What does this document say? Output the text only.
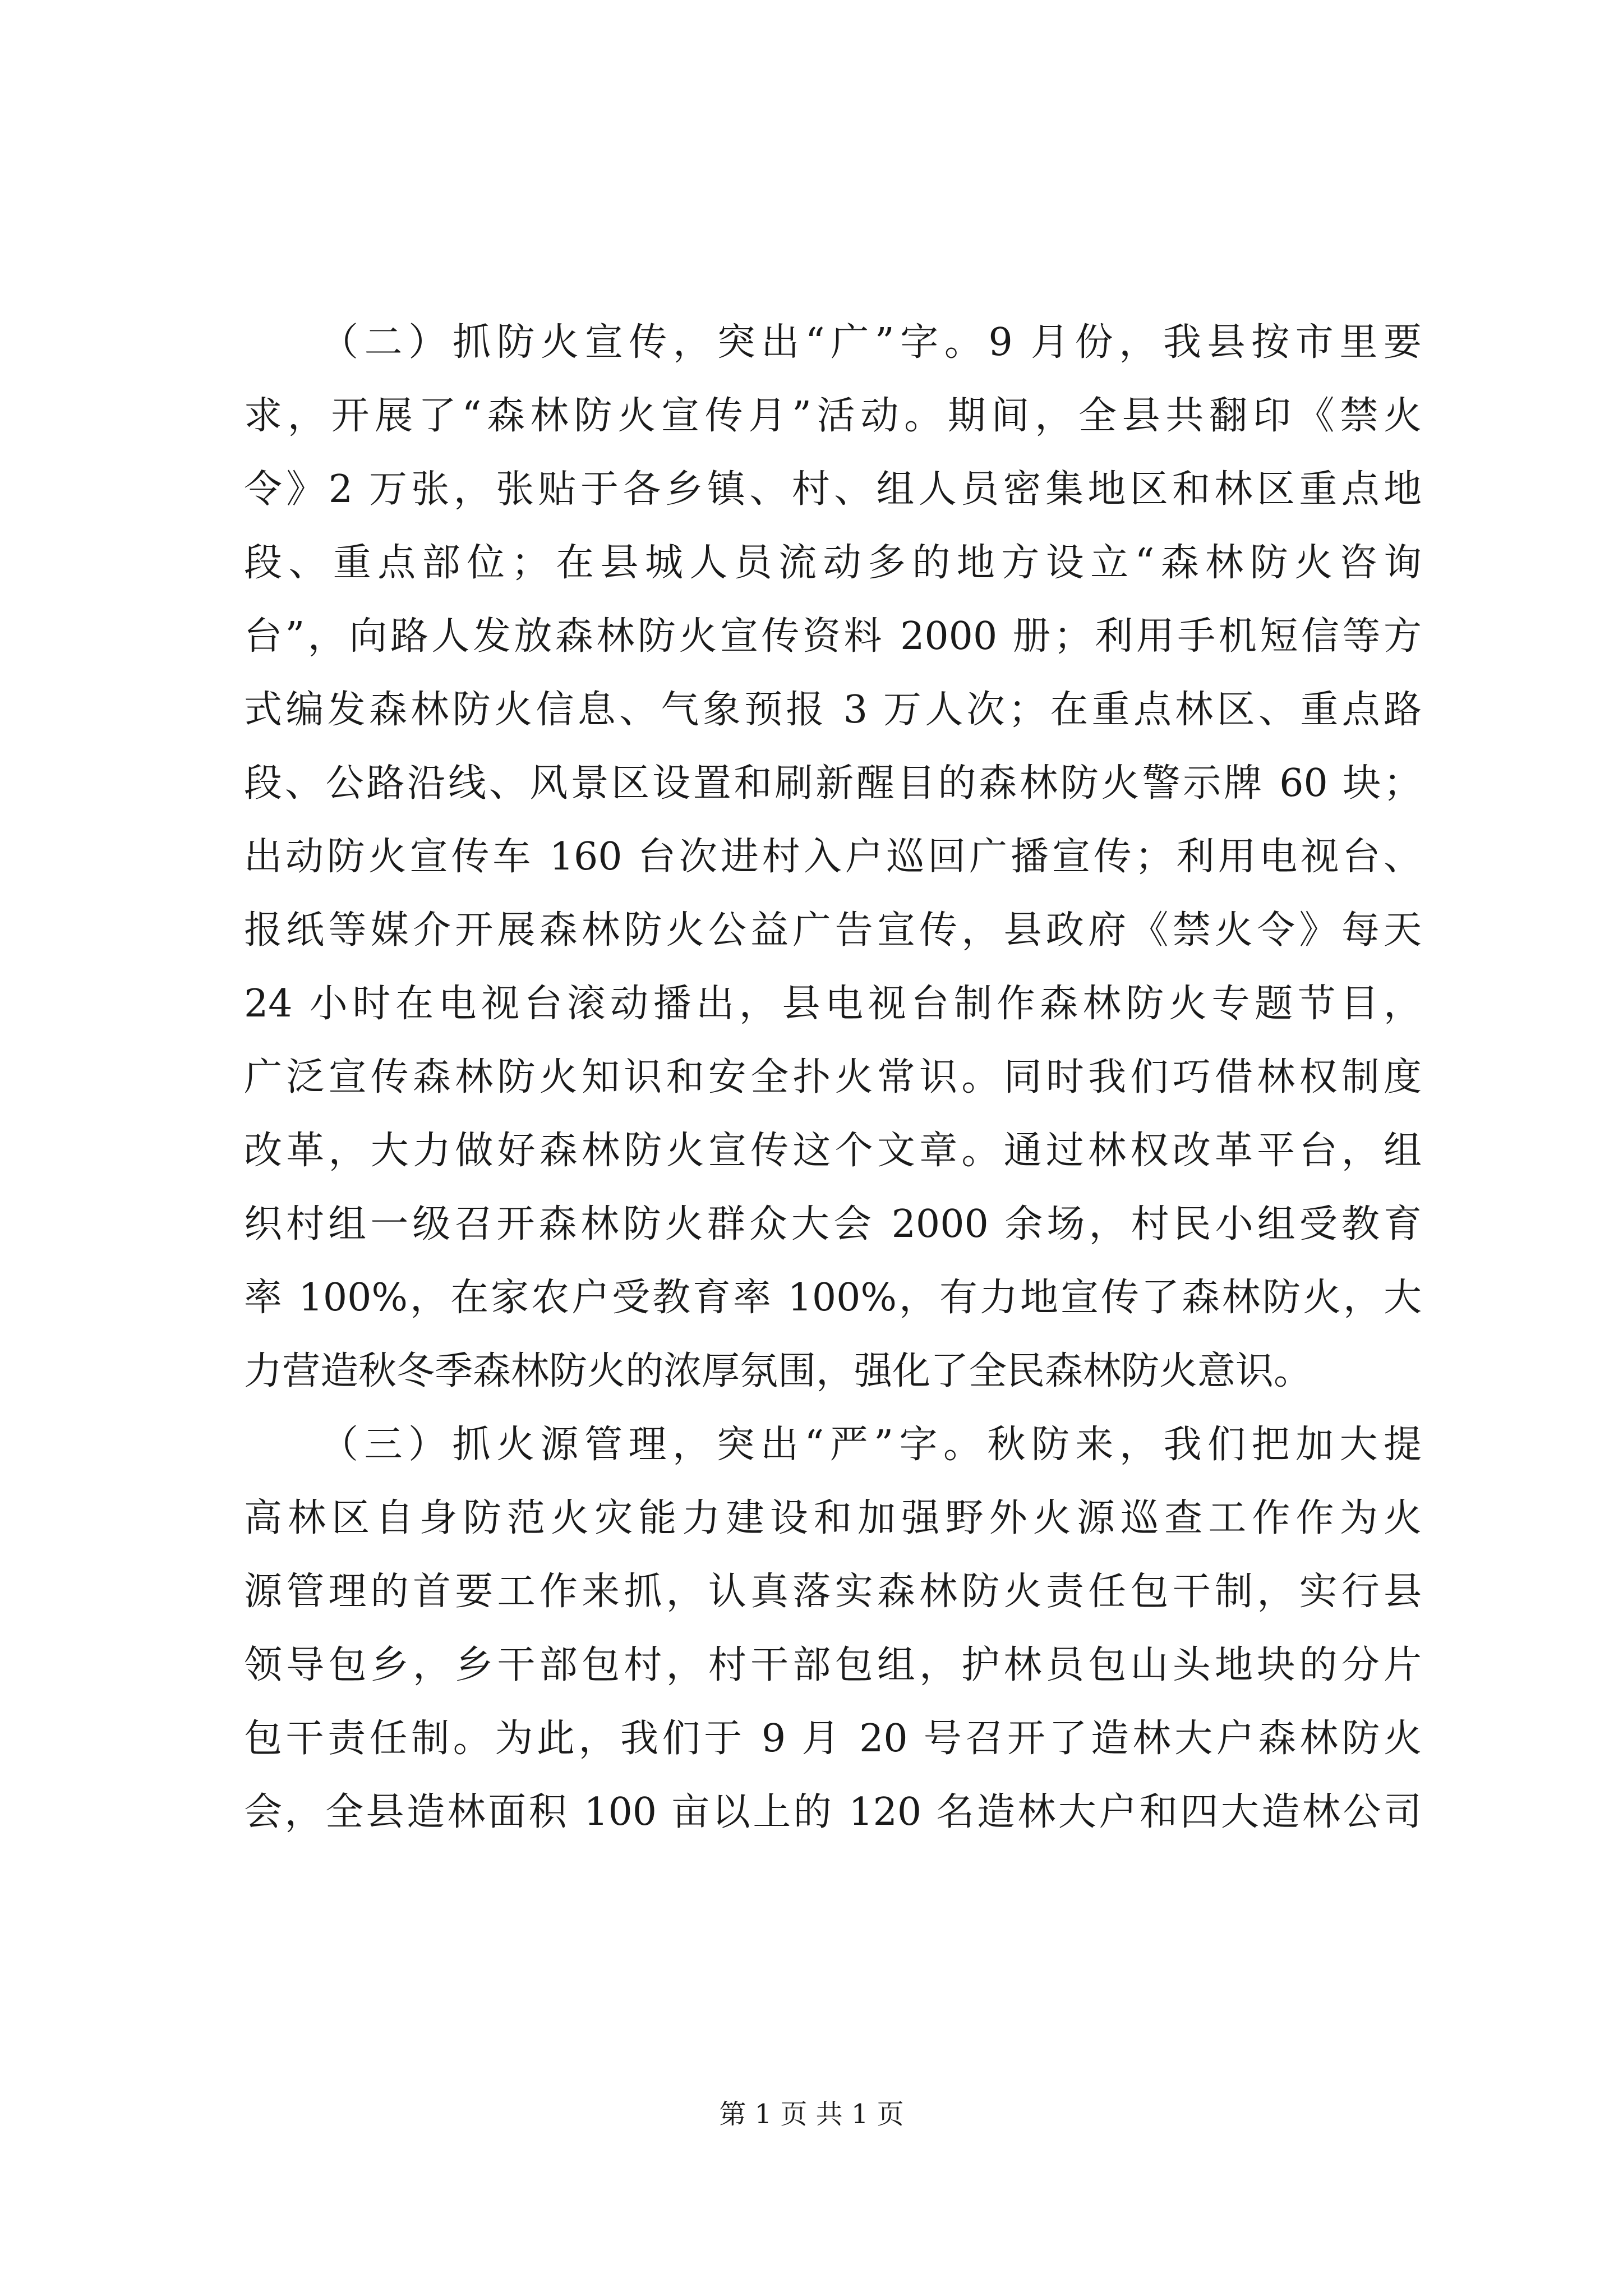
（二）抓防火宣传，突出“广”字。9 月份，我县按市里要
求，开展了“森林防火宣传月”活动。期间，全县共翻印《禁火
令》2 万张，张贴于各乡镇、村、组人员密集地区和林区重点地
段、重点部位；在县城人员流动多的地方设立“森林防火咨询
台”，向路人发放森林防火宣传资料 2000 册；利用手机短信等方
式编发森林防火信息、气象预报 3 万人次；在重点林区、重点路
段、公路沿线、风景区设置和刷新醒目的森林防火警示牌 60 块；
出动防火宣传车 160 台次进村入户巡回广播宣传；利用电视台、
报纸等媒介开展森林防火公益广告宣传，县政府《禁火令》每天
24 小时在电视台滚动播出，县电视台制作森林防火专题节目，
广泛宣传森林防火知识和安全扑火常识。同时我们巧借林权制度
改革，大力做好森林防火宣传这个文章。通过林权改革平台，组
织村组一级召开森林防火群众大会 2000 余场，村民小组受教育
率 100%，在家农户受教育率 100%，有力地宣传了森林防火，大
力营造秋冬季森林防火的浓厚氛围，强化了全民森林防火意识。
（三）抓火源管理，突出“严”字。秋防来，我们把加大提
高林区自身防范火灾能力建设和加强野外火源巡查工作作为火
源管理的首要工作来抓，认真落实森林防火责任包干制，实行县
领导包乡，乡干部包村，村干部包组，护林员包山头地块的分片
包干责任制。为此，我们于 9 月 20 号召开了造林大户森林防火
会，全县造林面积 100 亩以上的 120 名造林大户和四大造林公司
第 1 页 共 1 页
